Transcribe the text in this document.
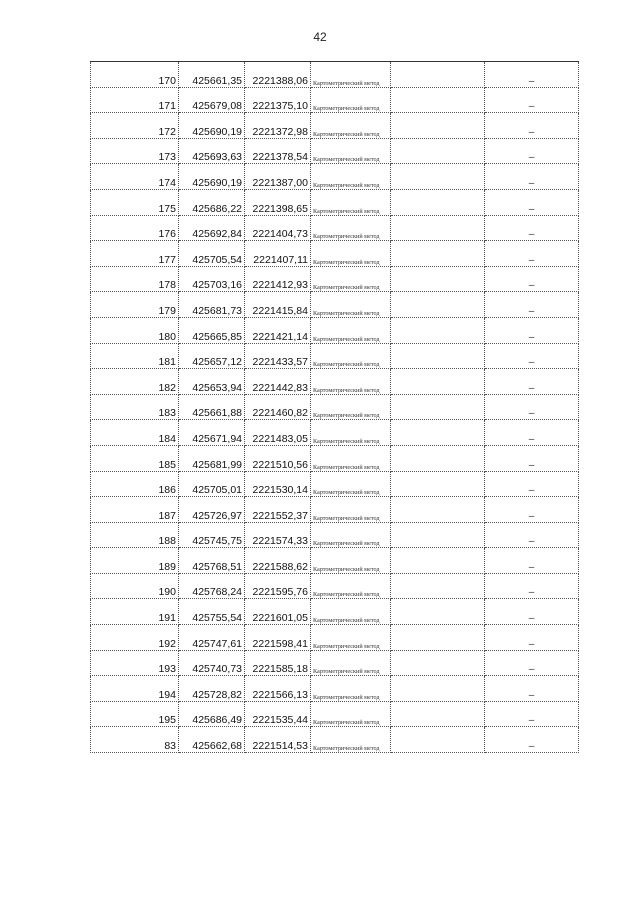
42
170	425661,35	2221388,06	Картометрический метод		–
171	425679,08	2221375,10	Картометрический метод		–
172	425690,19	2221372,98	Картометрический метод		–
173	425693,63	2221378,54	Картометрический метод		–
174	425690,19	2221387,00	Картометрический метод		–
175	425686,22	2221398,65	Картометрический метод		–
176	425692,84	2221404,73	Картометрический метод		–
177	425705,54	2221407,11	Картометрический метод		–
178	425703,16	2221412,93	Картометрический метод		–
179	425681,73	2221415,84	Картометрический метод		–
180	425665,85	2221421,14	Картометрический метод		–
181	425657,12	2221433,57	Картометрический метод		–
182	425653,94	2221442,83	Картометрический метод		–
183	425661,88	2221460,82	Картометрический метод		–
184	425671,94	2221483,05	Картометрический метод		–
185	425681,99	2221510,56	Картометрический метод		–
186	425705,01	2221530,14	Картометрический метод		–
187	425726,97	2221552,37	Картометрический метод		–
188	425745,75	2221574,33	Картометрический метод		–
189	425768,51	2221588,62	Картометрический метод		–
190	425768,24	2221595,76	Картометрический метод		–
191	425755,54	2221601,05	Картометрический метод		–
192	425747,61	2221598,41	Картометрический метод		–
193	425740,73	2221585,18	Картометрический метод		–
194	425728,82	2221566,13	Картометрический метод		–
195	425686,49	2221535,44	Картометрический метод		–
83	425662,68	2221514,53	Картометрический метод		–
